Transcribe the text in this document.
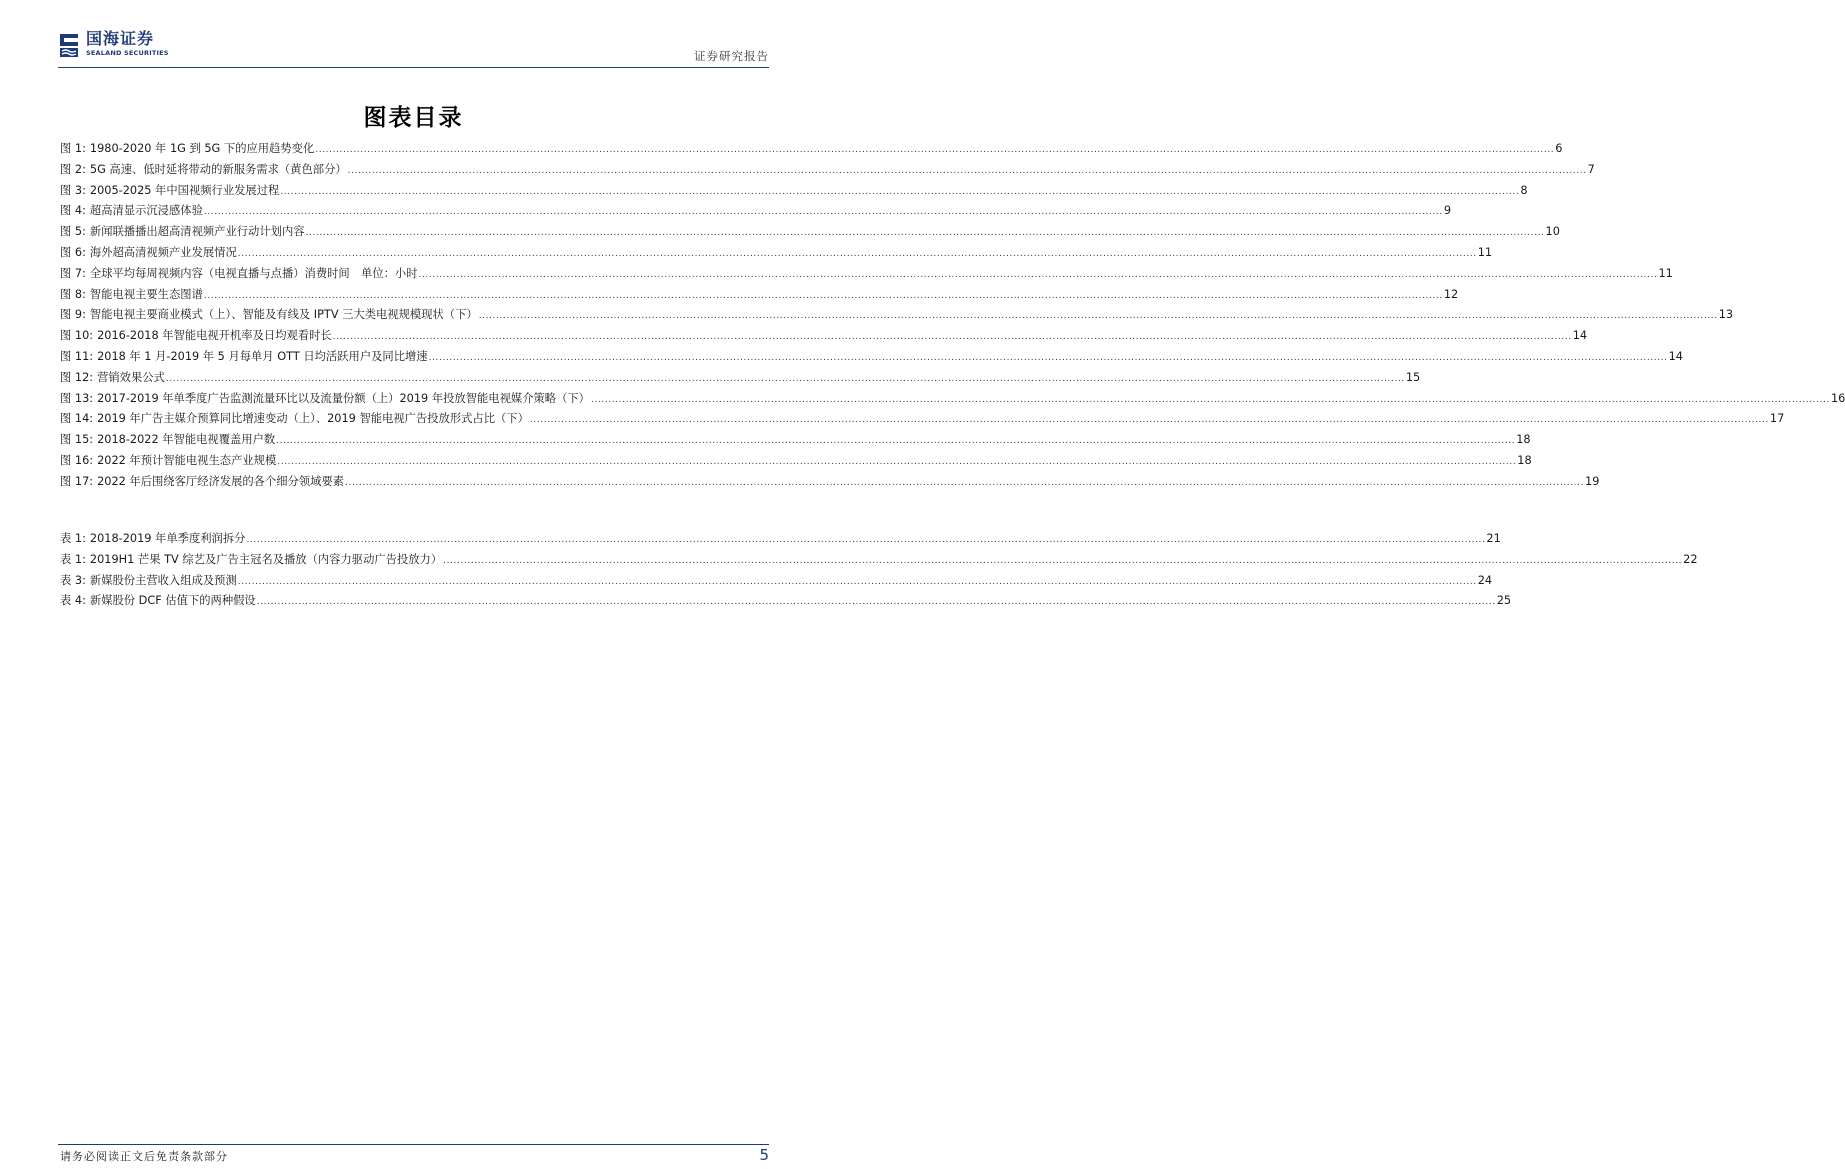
国海证券
SEALAND SECURITIES	证券研究报告
图表目录
图 1: 1980-2020 年 1G 到 5G 下的应用趋势变化 .....	6
图 2: 5G 高速、低时延将带动的新服务需求（黄色部分） .....	7
图 3: 2005-2025 年中国视频行业发展过程 .....	8
图 4: 超高清显示沉浸感体验 .....	9
图 5: 新闻联播播出超高清视频产业行动计划内容 .....	10
图 6: 海外超高清视频产业发展情况 .....	11
图 7: 全球平均每周视频内容（电视直播与点播）消费时间　单位：小时 .....	11
图 8: 智能电视主要生态图谱 .....	12
图 9: 智能电视主要商业模式（上）、智能及有线及 IPTV 三大类电视规模现状（下） .....	13
图 10: 2016-2018 年智能电视开机率及日均观看时长 .....	14
图 11: 2018 年 1 月-2019 年 5 月每单月 OTT 日均活跃用户及同比增速 .....	14
图 12: 营销效果公式 .....	15
图 13: 2017-2019 年单季度广告监测流量环比以及流量份额（上）2019 年投放智能电视媒介策略（下） .....	16
图 14: 2019 年广告主媒介预算同比增速变动（上）、2019 智能电视广告投放形式占比（下） .....	17
图 15: 2018-2022 年智能电视覆盖用户数 .....	18
图 16: 2022 年预计智能电视生态产业规模 .....	18
图 17: 2022 年后围绕客厅经济发展的各个细分领域要素 .....	19
表 1: 2018-2019 年单季度利润拆分 .....	21
表 1: 2019H1 芒果 TV 综艺及广告主冠名及播放（内容力驱动广告投放力） .....	22
表 3: 新媒股份主营收入组成及预测 .....	24
表 4: 新媒股份 DCF 估值下的两种假设 .....	25
请务必阅读正文后免责条款部分	5
